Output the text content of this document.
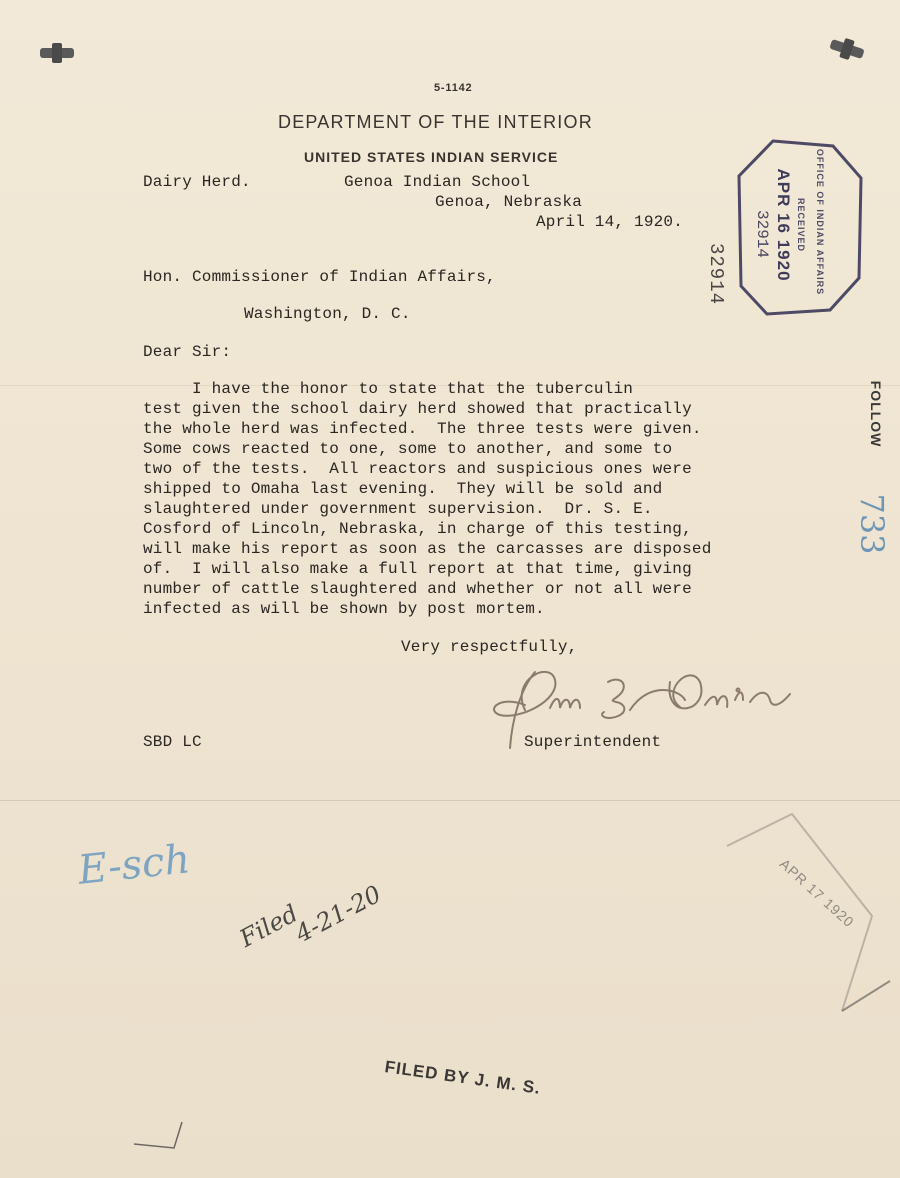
5-1142
DEPARTMENT OF THE INTERIOR
UNITED STATES INDIAN SERVICE
Dairy Herd.	Genoa Indian School
Genoa, Nebraska
April 14, 1920.
Hon. Commissioner of Indian Affairs,
Washington, D. C.
Dear Sir:
I have the honor to state that the tuberculin
test given the school dairy herd showed that practically
the whole herd was infected.  The three tests were given.
Some cows reacted to one, some to another, and some to
two of the tests.  All reactors and suspicious ones were
shipped to Omaha last evening.  They will be sold and
slaughtered under government supervision.  Dr. S. E.
Cosford of Lincoln, Nebraska, in charge of this testing,
will make his report as soon as the carcasses are disposed
of.  I will also make a full report at that time, giving
number of cattle slaughtered and whether or not all were
infected as will be shown by post mortem.
Very respectfully,
Superintendent
SBD LC
OFFICE OF INDIAN AFFAIRS
RECEIVED
APR 16 1920
32914
32914
FOLLOW
733
E-sch
Filed
4-21-20	APR 17 1920
FILED BY J. M. S.
